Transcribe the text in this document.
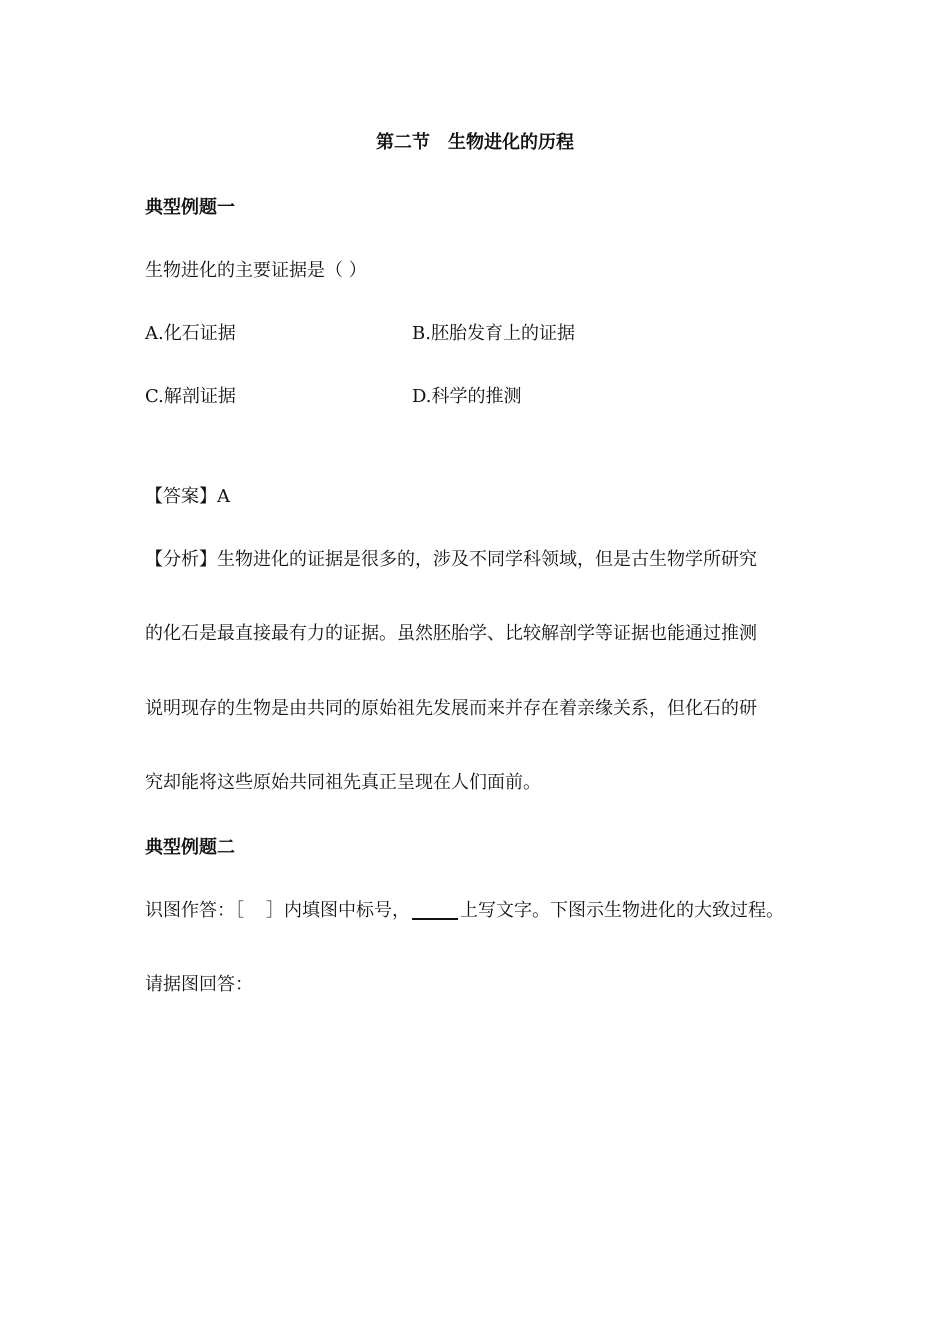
第二节 生物进化的历程
典型例题一
生物进化的主要证据是（ ）
A.化石证据	B.胚胎发育上的证据
C.解剖证据	D.科学的推测
【答案】A
【分析】生物进化的证据是很多的，涉及不同学科领域，但是古生物学所研究
的化石是最直接最有力的证据。虽然胚胎学、比较解剖学等证据也能通过推测
说明现存的生物是由共同的原始祖先发展而来并存在着亲缘关系，但化石的研
究却能将这些原始共同祖先真正呈现在人们面前。
典型例题二
识图作答：［ ］内填图中标号，	上写文字。下图示生物进化的大致过程。
请据图回答：
